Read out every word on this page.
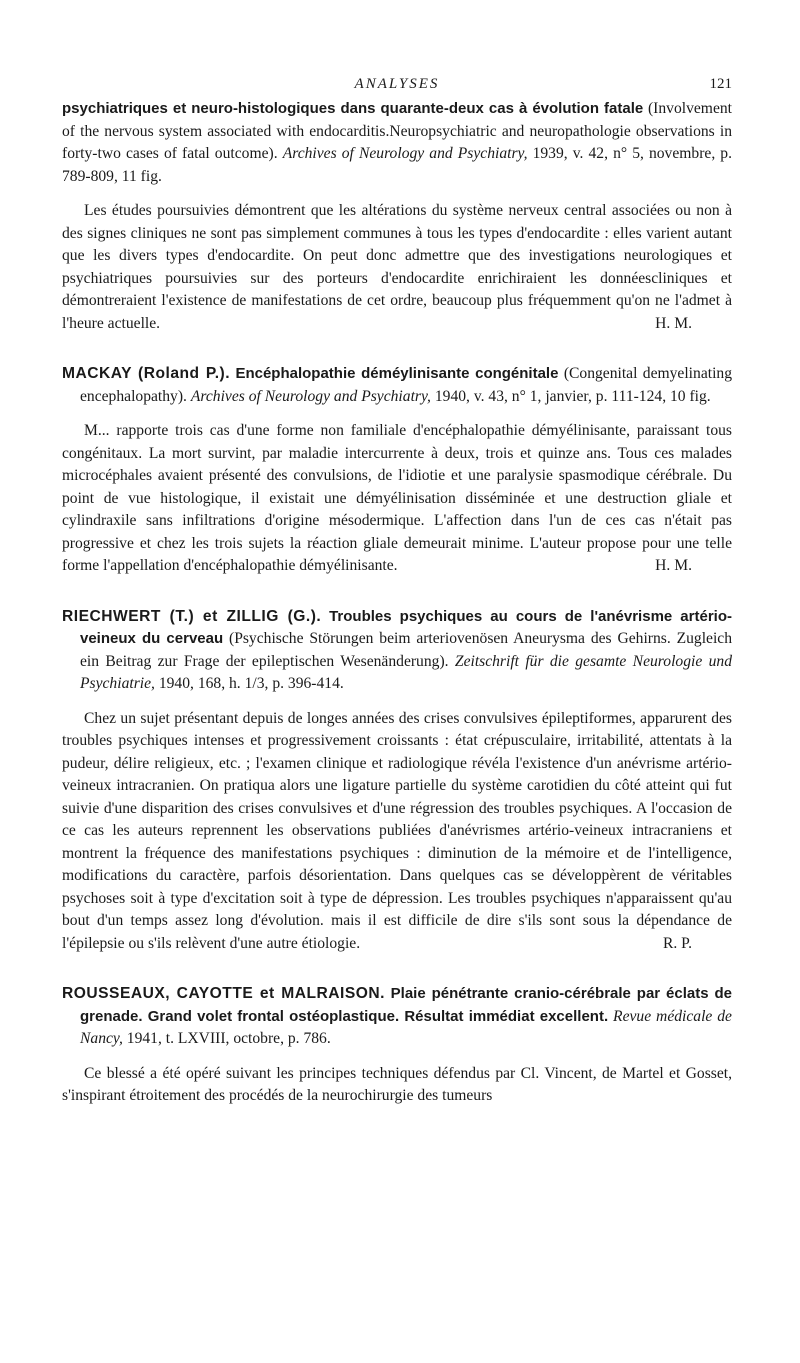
ANALYSES	121

psychiatriques et neuro-histologiques dans quarante-deux cas à évolution fatale (Involvement of the nervous system associated with endocarditis.Neuropsychiatric and neuropathologie observations in forty-two cases of fatal outcome). Archives of Neurology and Psychiatry, 1939, v. 42, n° 5, novembre, p. 789-809, 11 fig.

Les études poursuivies démontrent que les altérations du système nerveux central associées ou non à des signes cliniques ne sont pas simplement communes à tous les types d'endocardite : elles varient autant que les divers types d'endocardite. On peut donc admettre que des investigations neurologiques et psychiatriques poursuivies sur des porteurs d'endocardite enrichiraient les donnéescliniques et démontreraient l'existence de manifestations de cet ordre, beaucoup plus fréquemment qu'on ne l'admet à l'heure actuelle.	H. M.

MACKAY (Roland P.). Encéphalopathie déméylinisante congénitale (Congenital demyelinating encephalopathy). Archives of Neurology and Psychiatry, 1940, v. 43, n° 1, janvier, p. 111-124, 10 fig.

M... rapporte trois cas d'une forme non familiale d'encéphalopathie démyélinisante, paraissant tous congénitaux. La mort survint, par maladie intercurrente à deux, trois et quinze ans. Tous ces malades microcéphales avaient présenté des convulsions, de l'idiotie et une paralysie spasmodique cérébrale. Du point de vue histologique, il existait une démyélinisation disséminée et une destruction gliale et cylindraxile sans infiltrations d'origine mésodermique. L'affection dans l'un de ces cas n'était pas progressive et chez les trois sujets la réaction gliale demeurait minime. L'auteur propose pour une telle forme l'appellation d'encéphalopathie démyélinisante.	H. M.

RIECHWERT (T.) et ZILLIG (G.). Troubles psychiques au cours de l'anévrisme artério-veineux du cerveau (Psychische Störungen beim arteriovenösen Aneurysma des Gehirns. Zugleich ein Beitrag zur Frage der epileptischen Wesenänderung). Zeitschrift für die gesamte Neurologie und Psychiatrie, 1940, 168, h. 1/3, p. 396-414.

Chez un sujet présentant depuis de longes années des crises convulsives épileptiformes, apparurent des troubles psychiques intenses et progressivement croissants : état crépusculaire, irritabilité, attentats à la pudeur, délire religieux, etc. ; l'examen clinique et radiologique révéla l'existence d'un anévrisme artério-veineux intracranien. On pratiqua alors une ligature partielle du système carotidien du côté atteint qui fut suivie d'une disparition des crises convulsives et d'une régression des troubles psychiques. A l'occasion de ce cas les auteurs reprennent les observations publiées d'anévrismes artério-veineux intracraniens et montrent la fréquence des manifestations psychiques : diminution de la mémoire et de l'intelligence, modifications du caractère, parfois désorientation. Dans quelques cas se développèrent de véritables psychoses soit à type d'excitation soit à type de dépression. Les troubles psychiques n'apparaissent qu'au bout d'un temps assez long d'évolution. mais il est difficile de dire s'ils sont sous la dépendance de l'épilepsie ou s'ils relèvent d'une autre étiologie.	R. P.

ROUSSEAUX, CAYOTTE et MALRAISON. Plaie pénétrante cranio-cérébrale par éclats de grenade. Grand volet frontal ostéoplastique. Résultat immédiat excellent. Revue médicale de Nancy, 1941, t. LXVIII, octobre, p. 786.

Ce blessé a été opéré suivant les principes techniques défendus par Cl. Vincent, de Martel et Gosset, s'inspirant étroitement des procédés de la neurochirurgie des tumeurs
